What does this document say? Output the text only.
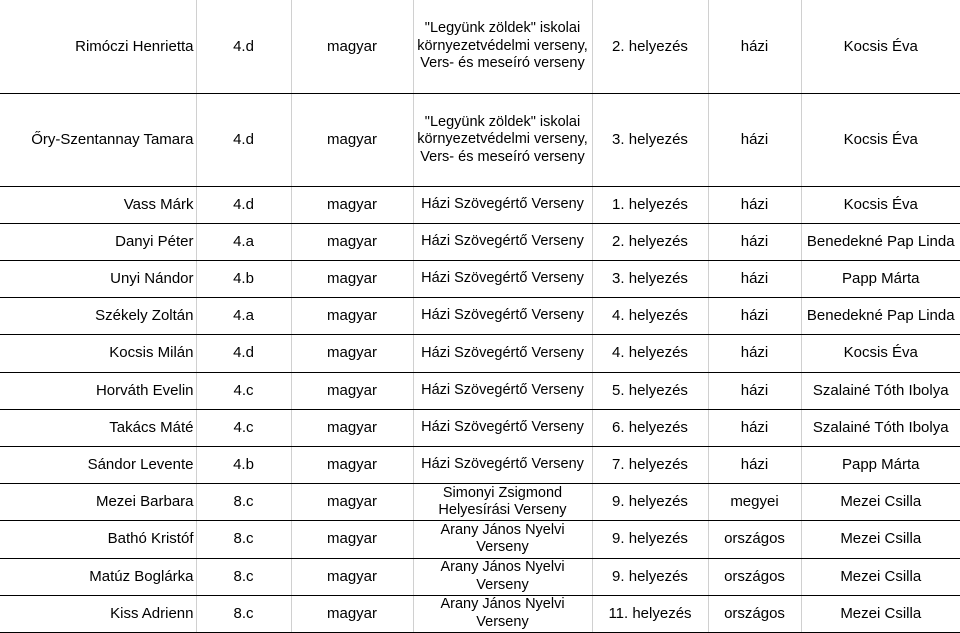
Rimóczi Henrietta	4.d	magyar	"Legyünk zöldek" iskolai környezetvédelmi verseny, Vers- és meseíró verseny	2. helyezés	házi	Kocsis Éva
Őry-Szentannay Tamara	4.d	magyar	"Legyünk zöldek" iskolai környezetvédelmi verseny, Vers- és meseíró verseny	3. helyezés	házi	Kocsis Éva
Vass Márk	4.d	magyar	Házi Szövegértő Verseny	1. helyezés	házi	Kocsis Éva
Danyi Péter	4.a	magyar	Házi Szövegértő Verseny	2. helyezés	házi	Benedekné Pap Linda
Unyi Nándor	4.b	magyar	Házi Szövegértő Verseny	3. helyezés	házi	Papp Márta
Székely Zoltán	4.a	magyar	Házi Szövegértő Verseny	4. helyezés	házi	Benedekné Pap Linda
Kocsis Milán	4.d	magyar	Házi Szövegértő Verseny	4. helyezés	házi	Kocsis Éva
Horváth Evelin	4.c	magyar	Házi Szövegértő Verseny	5. helyezés	házi	Szalainé Tóth Ibolya
Takács Máté	4.c	magyar	Házi Szövegértő Verseny	6. helyezés	házi	Szalainé Tóth Ibolya
Sándor Levente	4.b	magyar	Házi Szövegértő Verseny	7. helyezés	házi	Papp Márta
Mezei Barbara	8.c	magyar	Simonyi Zsigmond Helyesírási Verseny	9. helyezés	megyei	Mezei Csilla
Bathó Kristóf	8.c	magyar	Arany János Nyelvi Verseny	9. helyezés	országos	Mezei Csilla
Matúz Boglárka	8.c	magyar	Arany János Nyelvi Verseny	9. helyezés	országos	Mezei Csilla
Kiss Adrienn	8.c	magyar	Arany János Nyelvi Verseny	11. helyezés	országos	Mezei Csilla
